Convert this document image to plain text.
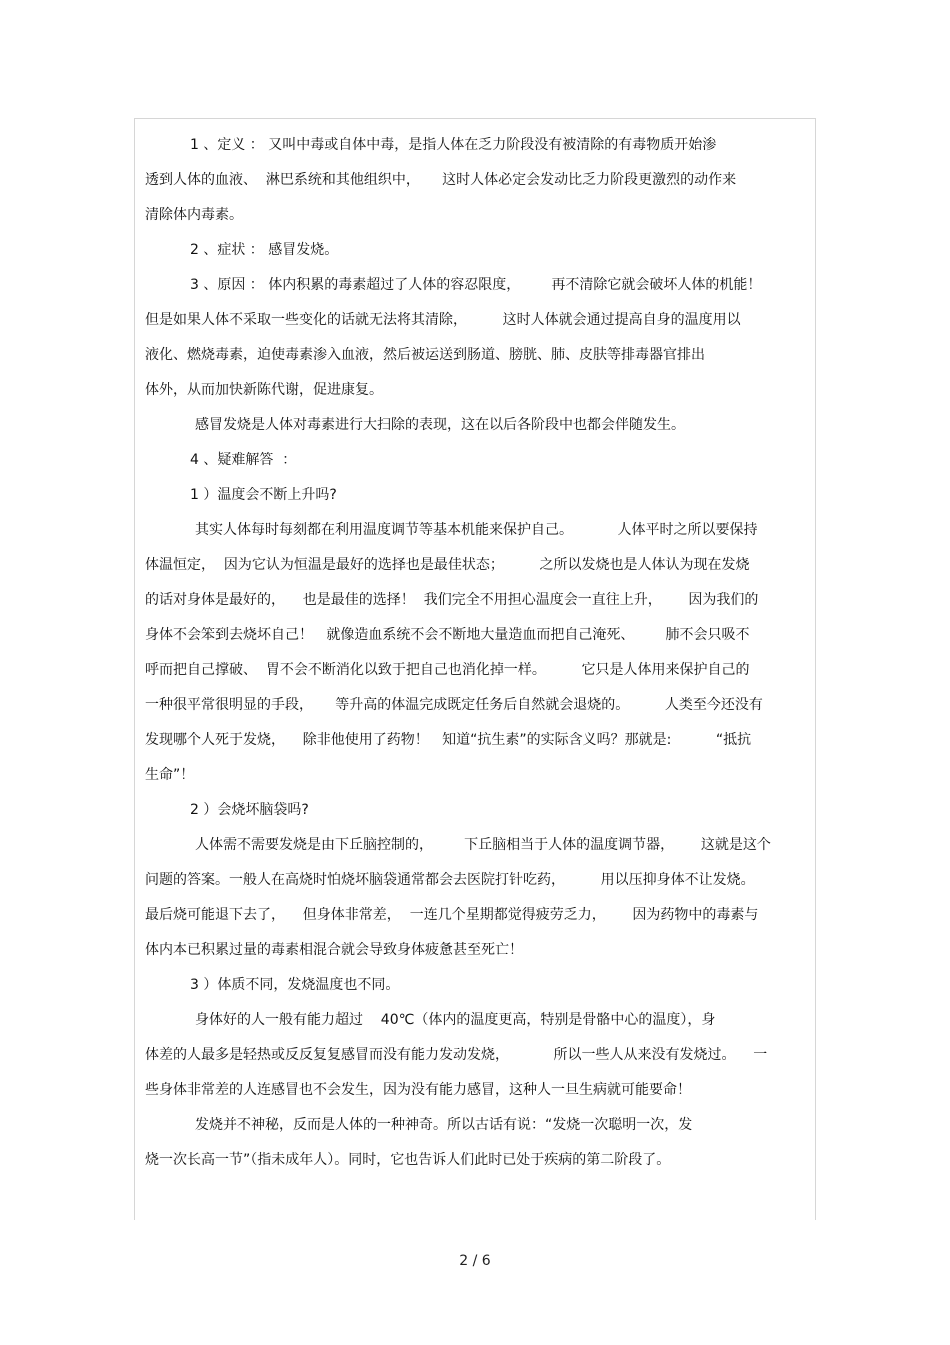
1 、定义 ： 又叫中毒或自体中毒，是指人体在乏力阶段没有被清除的有毒物质开始渗
透到人体的血液、  淋巴系统和其他组织中，     这时人体必定会发动比乏力阶段更激烈的动作来
清除体内毒素。
2 、症状 ： 感冒发烧。
3 、原因 ： 体内积累的毒素超过了人体的容忍限度，       再不清除它就会破坏人体的机能！
但是如果人体不采取一些变化的话就无法将其清除，        这时人体就会通过提高自身的温度用以
液化、燃烧毒素，迫使毒素渗入血液，然后被运送到肠道、膀胱、肺、皮肤等排毒器官排出
体外，从而加快新陈代谢，促进康复。
感冒发烧是人体对毒素进行大扫除的表现，这在以后各阶段中也都会伴随发生。
4 、疑难解答  ：
1 ）温度会不断上升吗?
其实人体每时每刻都在利用温度调节等基本机能来保护自己。          人体平时之所以要保持
体温恒定，  因为它认为恒温是最好的选择也是最佳状态；        之所以发烧也是人体认为现在发烧
的话对身体是最好的，    也是最佳的选择！  我们完全不用担心温度会一直往上升，      因为我们的
身体不会笨到去烧坏自己！   就像造血系统不会不断地大量造血而把自己淹死、       肺不会只吸不
呼而把自己撑破、  胃不会不断消化以致于把自己也消化掉一样。        它只是人体用来保护自己的
一种很平常很明显的手段，     等升高的体温完成既定任务后自然就会退烧的。        人类至今还没有
发现哪个人死于发烧，    除非他使用了药物！   知道“抗生素”的实际含义吗？那就是:          “抵抗
生命”！
2 ）会烧坏脑袋吗?
人体需不需要发烧是由下丘脑控制的，       下丘脑相当于人体的温度调节器，      这就是这个
问题的答案。一般人在高烧时怕烧坏脑袋通常都会去医院打针吃药，        用以压抑身体不让发烧。
最后烧可能退下去了，    但身体非常差，  一连几个星期都觉得疲劳乏力，      因为药物中的毒素与
体内本已积累过量的毒素相混合就会导致身体疲惫甚至死亡！
3 ）体质不同，发烧温度也不同。
身体好的人一般有能力超过    40℃（体内的温度更高，特别是骨骼中心的温度），身
体差的人最多是轻热或反反复复感冒而没有能力发动发烧，          所以一些人从来没有发烧过。    一
些身体非常差的人连感冒也不会发生，因为没有能力感冒，这种人一旦生病就可能要命！
发烧并不神秘，反而是人体的一种神奇。所以古话有说：“发烧一次聪明一次，发
烧一次长高一节”（指未成年人）。同时，它也告诉人们此时已处于疾病的第二阶段了。
2 / 6
